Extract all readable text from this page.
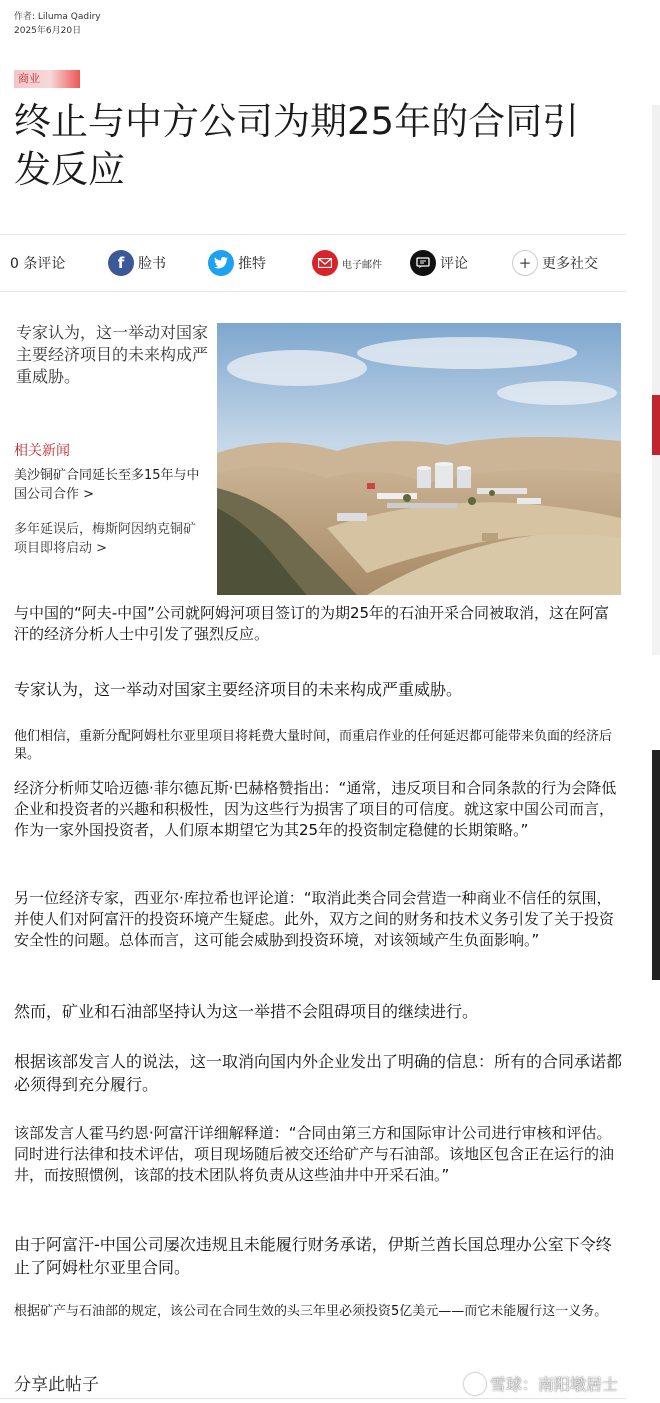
作者: Liluma Qadiry
2025年6月20日
商业
终止与中方公司为期25年的合同引发反应
0 条评论	f 脸书	推特	电子邮件	评论	+ 更多社交

专家认为，这一举动对国家主要经济项目的未来构成严重威胁。

相关新闻

美沙铜矿合同延长至多15年与中国公司合作 >

多年延误后，梅斯阿因纳克铜矿项目即将启动 >

与中国的“阿夫-中国”公司就阿姆河项目签订的为期25年的石油开采合同被取消，这在阿富汗的经济分析人士中引发了强烈反应。

专家认为，这一举动对国家主要经济项目的未来构成严重威胁。

他们相信，重新分配阿姆杜尔亚里项目将耗费大量时间，而重启作业的任何延迟都可能带来负面的经济后果。

经济分析师艾哈迈德·菲尔德瓦斯·巴赫格赞指出：“通常，违反项目和合同条款的行为会降低企业和投资者的兴趣和积极性，因为这些行为损害了项目的可信度。就这家中国公司而言，作为一家外国投资者，人们原本期望它为其25年的投资制定稳健的长期策略。”

另一位经济专家，西亚尔·库拉希也评论道：“取消此类合同会营造一种商业不信任的氛围，并使人们对阿富汗的投资环境产生疑虑。此外，双方之间的财务和技术义务引发了关于投资安全性的问题。总体而言，这可能会威胁到投资环境，对该领域产生负面影响。”

然而，矿业和石油部坚持认为这一举措不会阻碍项目的继续进行。

根据该部发言人的说法，这一取消向国内外企业发出了明确的信息：所有的合同承诺都必须得到充分履行。

该部发言人霍马约恩·阿富汗详细解释道：“合同由第三方和国际审计公司进行审核和评估。同时进行法律和技术评估，项目现场随后被交还给矿产与石油部。该地区包含正在运行的油井，而按照惯例，该部的技术团队将负责从这些油井中开采石油。”

由于阿富汗-中国公司屡次违规且未能履行财务承诺，伊斯兰酋长国总理办公室下令终止了阿姆杜尔亚里合同。

根据矿产与石油部的规定，该公司在合同生效的头三年里必须投资5亿美元——而它未能履行这一义务。

分享此帖子	雪球：南阳墩居士
